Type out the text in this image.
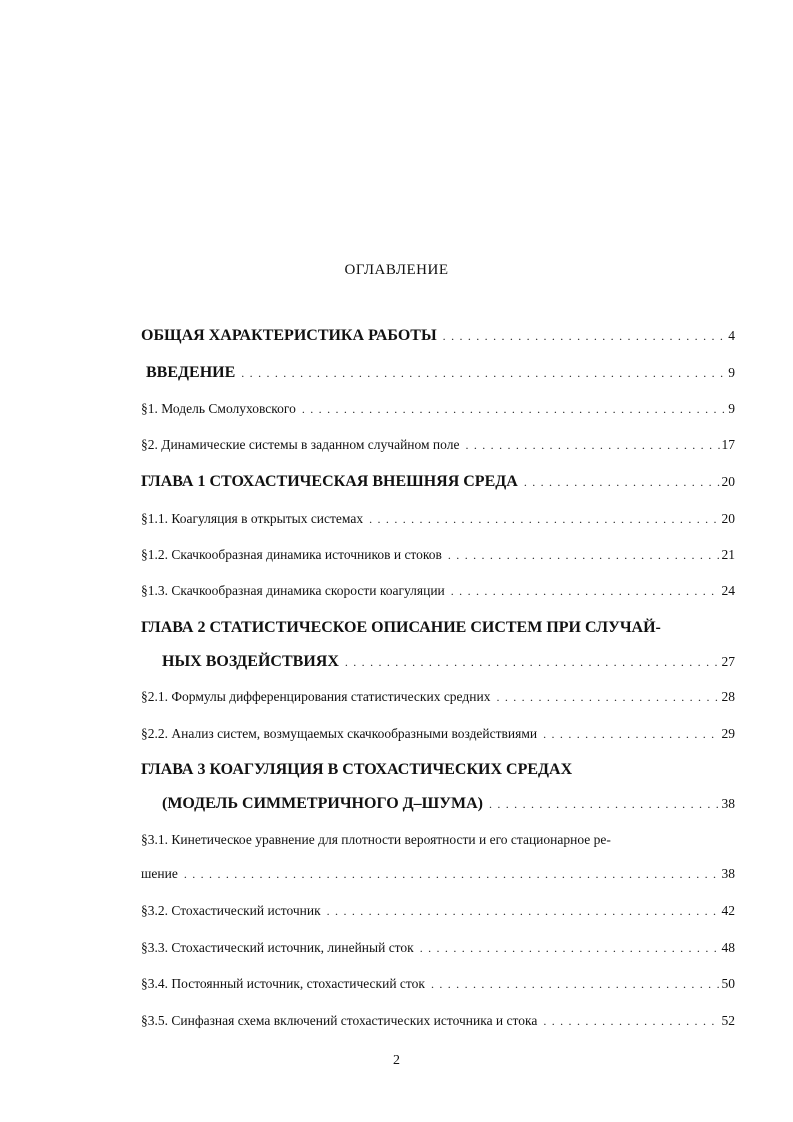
ОГЛАВЛЕНИЕ
ОБЩАЯ ХАРАКТЕРИСТИКА РАБОТЫ . . .	4
ВВЕДЕНИЕ . . .	9
§1. Модель Смолуховского . . .	9
§2. Динамические системы в заданном случайном поле . . .	17
ГЛАВА 1 СТОХАСТИЧЕСКАЯ ВНЕШНЯЯ СРЕДА . . .	20
§1.1. Коагуляция в открытых системах . . .	20
§1.2. Скачкообразная динамика источников и стоков . . .	21
§1.3. Скачкообразная динамика скорости коагуляции . . .	24
ГЛАВА 2 СТАТИСТИЧЕСКОЕ ОПИСАНИЕ СИСТЕМ ПРИ СЛУЧАЙ-
НЫХ ВОЗДЕЙСТВИЯХ . . .	27
§2.1. Формулы дифференцирования статистических средних . . .	28
§2.2. Анализ систем, возмущаемых скачкообразными воздействиями . . .	29
ГЛАВА 3 КОАГУЛЯЦИЯ В СТОХАСТИЧЕСКИХ СРЕДАХ
(МОДЕЛЬ СИММЕТРИЧНОГО Д–ШУМА) . . .	38
§3.1. Кинетическое уравнение для плотности вероятности и его стационарное ре-
шение . . .	38
§3.2. Стохастический источник . . .	42
§3.3. Стохастический источник, линейный сток . . .	48
§3.4. Постоянный источник, стохастический сток . . .	50
§3.5. Синфазная схема включений стохастических источника и стока . . .	52
2
